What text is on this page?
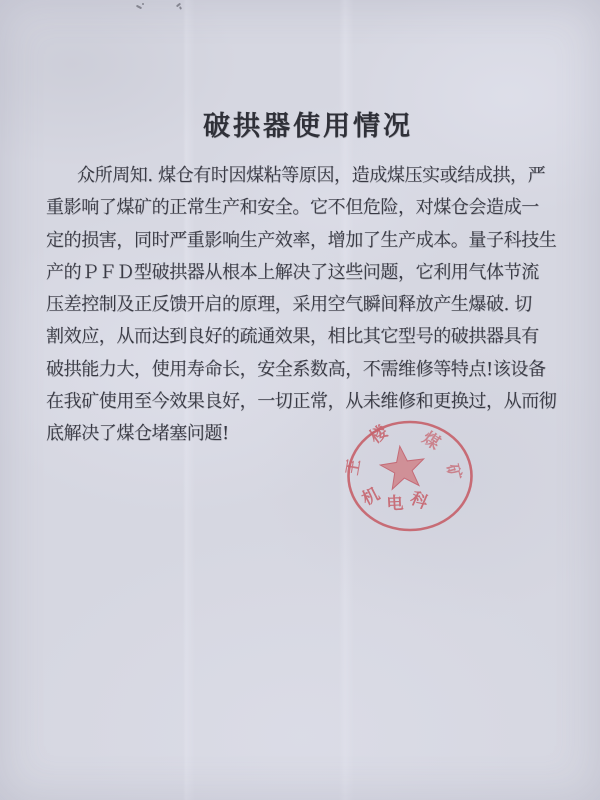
破拱器使用情况
众所周知. 煤仓有时因煤粘等原因，造成煤压实或结成拱，严
重影响了煤矿的正常生产和安全。它不但危险，对煤仓会造成一
定的损害，同时严重影响生产效率，增加了生产成本。量子科技生
产的ＰＦＤ型破拱器从根本上解决了这些问题，它利用气体节流
压差控制及正反馈开启的原理，采用空气瞬间释放产生爆破. 切
割效应，从而达到良好的疏通效果，相比其它型号的破拱器具有
破拱能力大，使用寿命长，安全系数高，不需维修等特点!该设备
在我矿使用至今效果良好，一切正常，从未维修和更换过，从而彻
底解决了煤仓堵塞问题!
王
楼 煤
矿
机 电 科
